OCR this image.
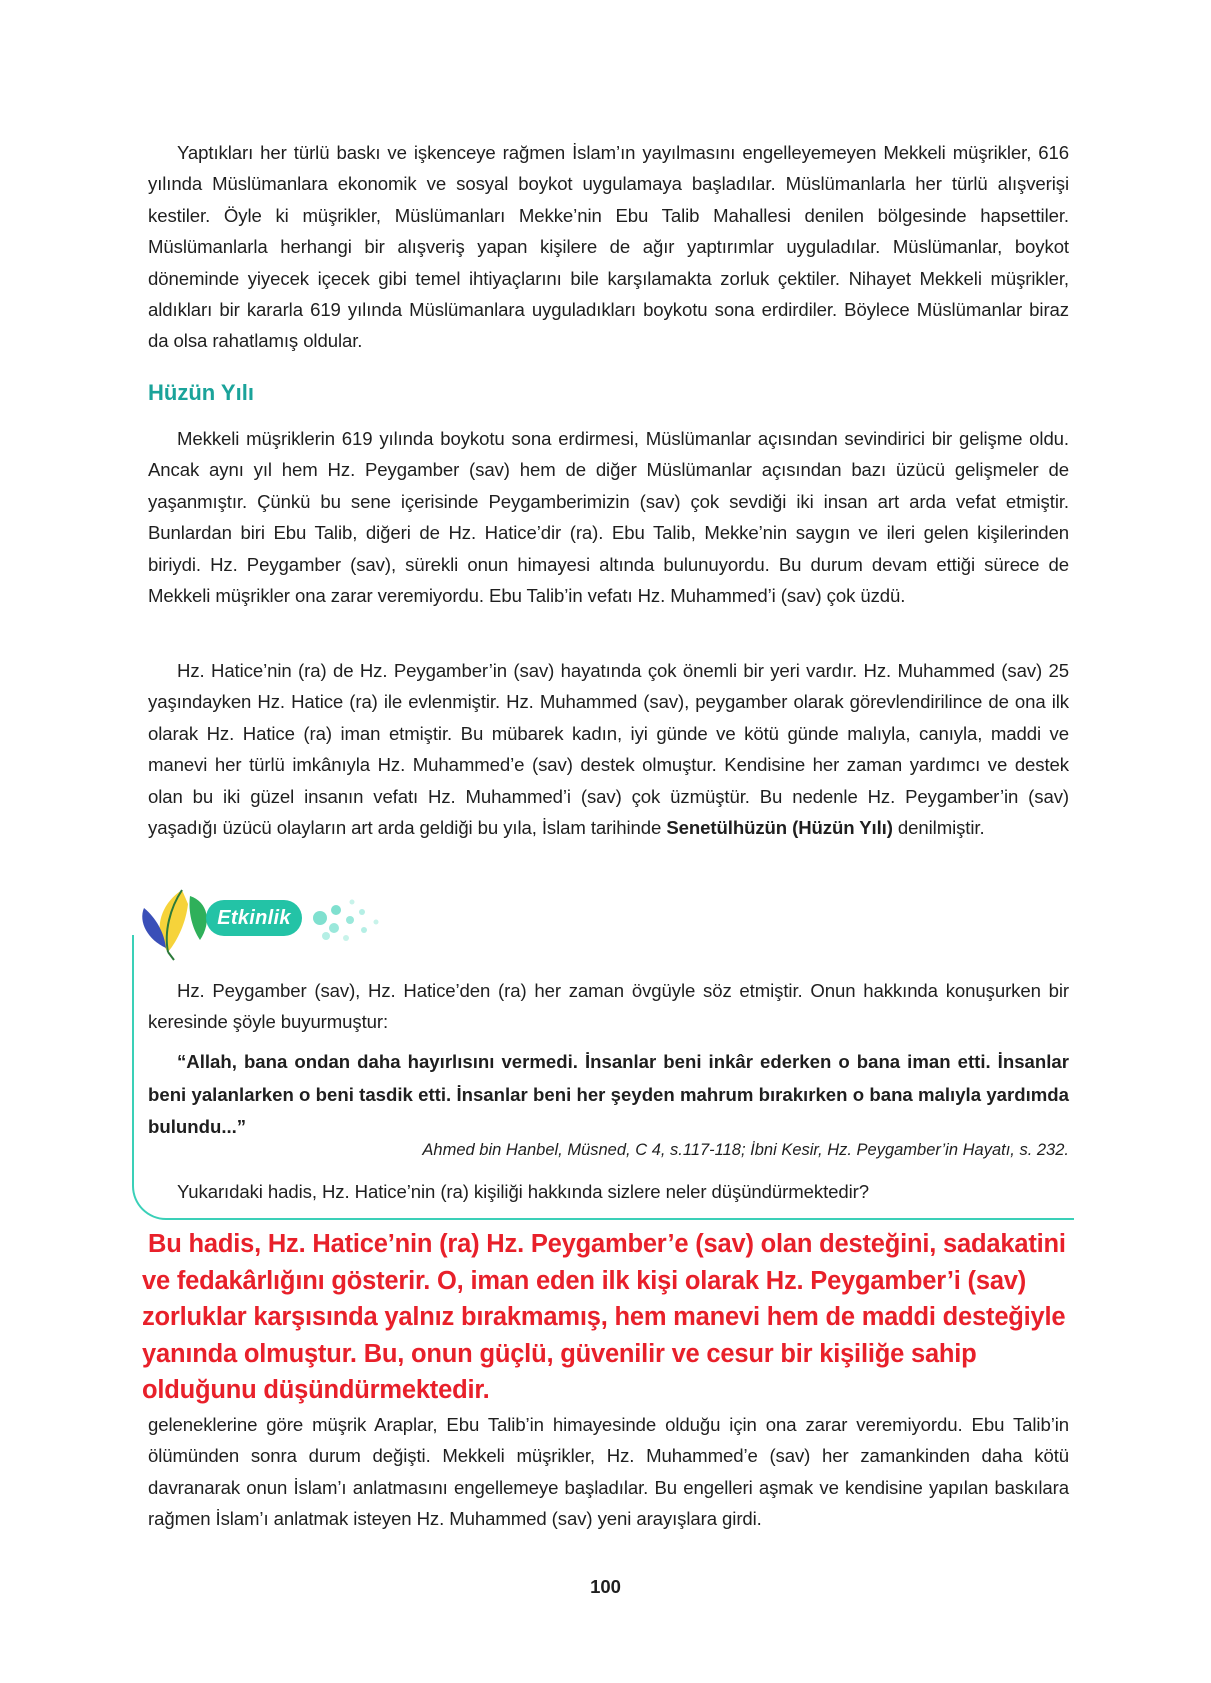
Yaptıkları her türlü baskı ve işkenceye rağmen İslam’ın yayılmasını engelleyemeyen Mekkeli müşrikler, 616 yılında Müslümanlara ekonomik ve sosyal boykot uygulamaya başladılar. Müslümanlarla her türlü alışverişi kestiler. Öyle ki müşrikler, Müslümanları Mekke’nin Ebu Talib Mahallesi denilen bölgesinde hapsettiler. Müslümanlarla herhangi bir alışveriş yapan kişilere de ağır yaptırımlar uyguladılar. Müslümanlar, boykot döneminde yiyecek içecek gibi temel ihtiyaçlarını bile karşılamakta zorluk çektiler. Nihayet Mekkeli müşrikler, aldıkları bir kararla 619 yılında Müslümanlara uyguladıkları boykotu sona erdirdiler. Böylece Müslümanlar biraz da olsa rahatlamış oldular.

Hüzün Yılı

Mekkeli müşriklerin 619 yılında boykotu sona erdirmesi, Müslümanlar açısından sevindirici bir gelişme oldu. Ancak aynı yıl hem Hz. Peygamber (sav) hem de diğer Müslümanlar açısından bazı üzücü gelişmeler de yaşanmıştır. Çünkü bu sene içerisinde Peygamberimizin (sav) çok sevdiği iki insan art arda vefat etmiştir. Bunlardan biri Ebu Talib, diğeri de Hz. Hatice’dir (ra). Ebu Talib, Mekke’nin saygın ve ileri gelen kişilerinden biriydi. Hz. Peygamber (sav), sürekli onun himayesi altında bulunuyordu. Bu durum devam ettiği sürece de Mekkeli müşrikler ona zarar veremiyordu. Ebu Talib’in vefatı Hz. Muhammed’i (sav) çok üzdü.

Hz. Hatice’nin (ra) de Hz. Peygamber’in (sav) hayatında çok önemli bir yeri vardır. Hz. Muhammed (sav) 25 yaşındayken Hz. Hatice (ra) ile evlenmiştir. Hz. Muhammed (sav), peygamber olarak görevlendirilince de ona ilk olarak Hz. Hatice (ra) iman etmiştir. Bu mübarek kadın, iyi günde ve kötü günde malıyla, canıyla, maddi ve manevi her türlü imkânıyla Hz. Muhammed’e (sav) destek olmuştur. Kendisine her zaman yardımcı ve destek olan bu iki güzel insanın vefatı Hz. Muhammed’i (sav) çok üzmüştür. Bu nedenle Hz. Peygamber’in (sav) yaşadığı üzücü olayların art arda geldiği bu yıla, İslam tarihinde Senetülhüzün (Hüzün Yılı) denilmiştir.

Etkinlik

Hz. Peygamber (sav), Hz. Hatice’den (ra) her zaman övgüyle söz etmiştir. Onun hakkında konuşurken bir keresinde şöyle buyurmuştur:

“Allah, bana ondan daha hayırlısını vermedi. İnsanlar beni inkâr ederken o bana iman etti. İnsanlar beni yalanlarken o beni tasdik etti. İnsanlar beni her şeyden mahrum bırakırken o bana malıyla yardımda bulundu...”

Ahmed bin Hanbel, Müsned, C 4, s.117-118; İbni Kesir, Hz. Peygamber’in Hayatı, s. 232.

Yukarıdaki hadis, Hz. Hatice’nin (ra) kişiliği hakkında sizlere neler düşündürmektedir?

Bu hadis, Hz. Hatice’nin (ra) Hz. Peygamber’e (sav) olan desteğini, sadakatini ve fedakârlığını gösterir. O, iman eden ilk kişi olarak Hz. Peygamber’i (sav) zorluklar karşısında yalnız bırakmamış, hem manevi hem de maddi desteğiyle yanında olmuştur. Bu, onun güçlü, güvenilir ve cesur bir kişiliğe sahip olduğunu düşündürmektedir.

geleneklerine göre müşrik Araplar, Ebu Talib’in himayesinde olduğu için ona zarar veremiyordu. Ebu Talib’in ölümünden sonra durum değişti. Mekkeli müşrikler, Hz. Muhammed’e (sav) her zamankinden daha kötü davranarak onun İslam’ı anlatmasını engellemeye başladılar. Bu engelleri aşmak ve kendisine yapılan baskılara rağmen İslam’ı anlatmak isteyen Hz. Muhammed (sav) yeni arayışlara girdi.

100
